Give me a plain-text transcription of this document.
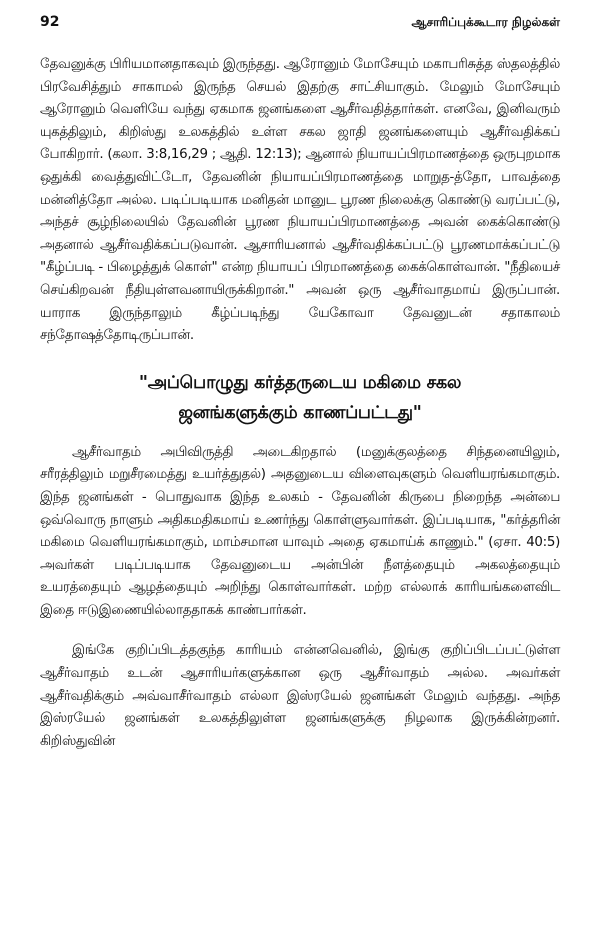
92	ஆசாரிப்புக்கூடார நிழல்கள்

தேவனுக்கு பிரியமானதாகவும் இருந்தது. ஆரோனும் மோசேயும் மகாபரிசுத்த ஸ்தலத்தில் பிரவேசித்தும் சாகாமல் இருந்த செயல் இதற்கு சாட்சியாகும். மேலும் மோசேயும் ஆரோனும் வெளியே வந்து ஏகமாக ஜனங்களை ஆசீர்வதித்தார்கள். எனவே, இனிவரும் யுகத்திலும், கிறிஸ்து உலகத்தில் உள்ள சகல ஜாதி ஜனங்களையும் ஆசீர்வதிக்கப் போகிறார். (கலா. 3:8,16,29 ; ஆதி. 12:13); ஆனால் நியாயப்பிரமாணத்தை ஒருபுறமாக ஒதுக்கி வைத்துவிட்டோ, தேவனின் நியாயப்பிரமாணத்தை மாறுத-த்தோ, பாவத்தை மன்னித்தோ அல்ல. படிப்படியாக மனிதன் மானுட பூரண நிலைக்கு கொண்டு வரப்பட்டு, அந்தச் சூழ்நிலையில் தேவனின் பூரண நியாயப்பிரமாணத்தை அவன் கைக்கொண்டு அதனால் ஆசீர்வதிக்கப்படுவான். ஆசாரியனால் ஆசீர்வதிக்கப்பட்டு பூரணமாக்கப்பட்டு "கீழ்ப்படி - பிழைத்துக் கொள்" என்ற நியாயப் பிரமாணத்தை கைக்கொள்வான். "நீதியைச் செய்கிறவன் நீதியுள்ளவனாயிருக்கிறான்." அவன் ஒரு ஆசீர்வாதமாய் இருப்பான். யாராக இருந்தாலும் கீழ்ப்படிந்து யேகோவா தேவனுடன் சதாகாலம் சந்தோஷத்தோடிருப்பான்.

"அப்பொழுது கர்த்தருடைய மகிமை சகல
ஜனங்களுக்கும் காணப்பட்டது"

ஆசீர்வாதம் அபிவிருத்தி அடைகிறதால் (மனுக்குலத்தை சிந்தனையிலும், சரீரத்திலும் மறுசீரமைத்து உயர்த்துதல்) அதனுடைய விளைவுகளும் வெளியரங்கமாகும். இந்த ஜனங்கள் - பொதுவாக இந்த உலகம் - தேவனின் கிருபை நிறைந்த அன்பை ஒவ்வொரு நாளும் அதிகமதிகமாய் உணர்ந்து கொள்ளுவார்கள். இப்படியாக, "கர்த்தரின் மகிமை வெளியரங்கமாகும், மாம்சமான யாவும் அதை ஏகமாய்க் காணும்." (ஏசா. 40:5) அவர்கள் படிப்படியாக தேவனுடைய அன்பின் நீளத்தையும் அகலத்தையும் உயரத்தையும் ஆழத்தையும் அறிந்து கொள்வார்கள். மற்ற எல்லாக் காரியங்களைவிட இதை ஈடுஇணையில்லாததாகக் காண்பார்கள்.

இங்கே குறிப்பிடத்தகுந்த காரியம் என்னவெனில், இங்கு குறிப்பிடப்பட்டுள்ள ஆசீர்வாதம் உடன் ஆசாரியர்களுக்கான ஒரு ஆசீர்வாதம் அல்ல. அவர்கள் ஆசீர்வதிக்கும் அவ்வாசீர்வாதம் எல்லா இஸ்ரயேல் ஜனங்கள் மேலும் வந்தது. அந்த இஸ்ரயேல் ஜனங்கள் உலகத்திலுள்ள ஜனங்களுக்கு நிழலாக இருக்கின்றனர். கிறிஸ்துவின்
